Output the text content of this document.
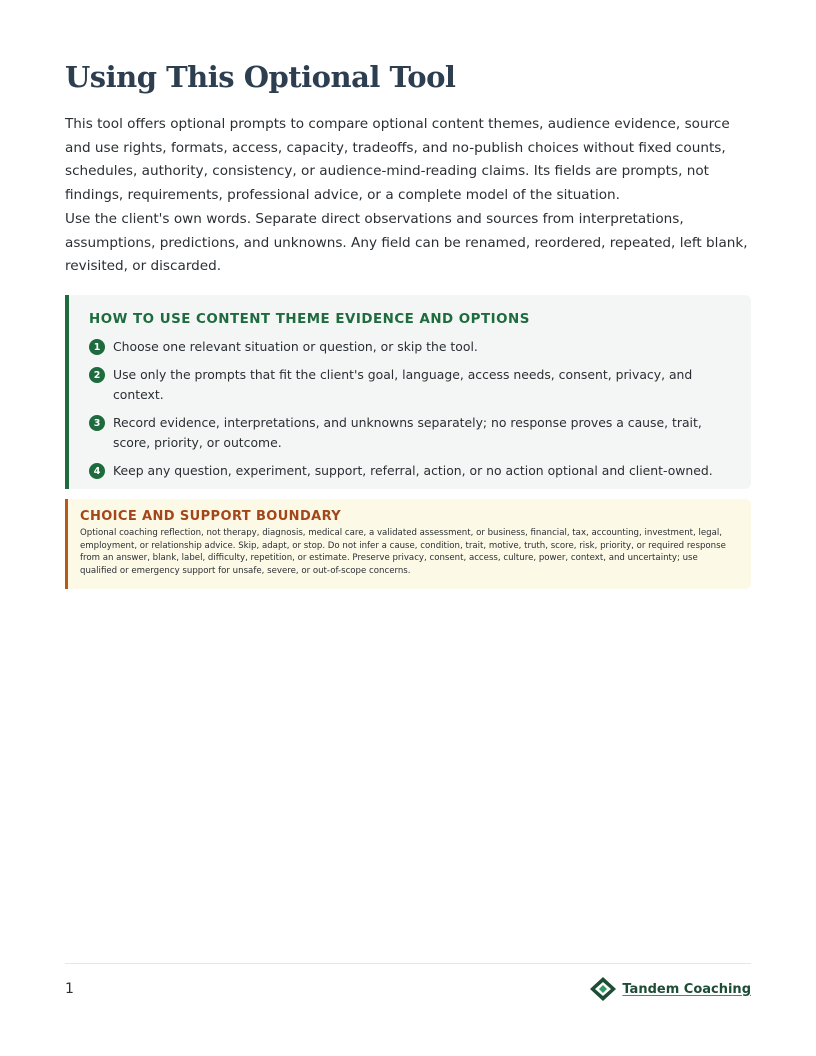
Using This Optional Tool

This tool offers optional prompts to compare optional content themes, audience evidence, source and use rights, formats, access, capacity, tradeoffs, and no-publish choices without fixed counts, schedules, authority, consistency, or audience-mind-reading claims. Its fields are prompts, not findings, requirements, professional advice, or a complete model of the situation.

Use the client's own words. Separate direct observations and sources from interpretations, assumptions, predictions, and unknowns. Any field can be renamed, reordered, repeated, left blank, revisited, or discarded.

HOW TO USE CONTENT THEME EVIDENCE AND OPTIONS
1	Choose one relevant situation or question, or skip the tool.
2	Use only the prompts that fit the client's goal, language, access needs, consent, privacy, and context.
3	Record evidence, interpretations, and unknowns separately; no response proves a cause, trait, score, priority, or outcome.
4	Keep any question, experiment, support, referral, action, or no action optional and client-owned.
CHOICE AND SUPPORT BOUNDARY
Optional coaching reflection, not therapy, diagnosis, medical care, a validated assessment, or business, financial, tax, accounting, investment, legal, employment, or relationship advice. Skip, adapt, or stop. Do not infer a cause, condition, trait, motive, truth, score, risk, priority, or required response from an answer, blank, label, difficulty, repetition, or estimate. Preserve privacy, consent, access, culture, power, context, and uncertainty; use qualified or emergency support for unsafe, severe, or out-of-scope concerns.
1	Tandem Coaching
